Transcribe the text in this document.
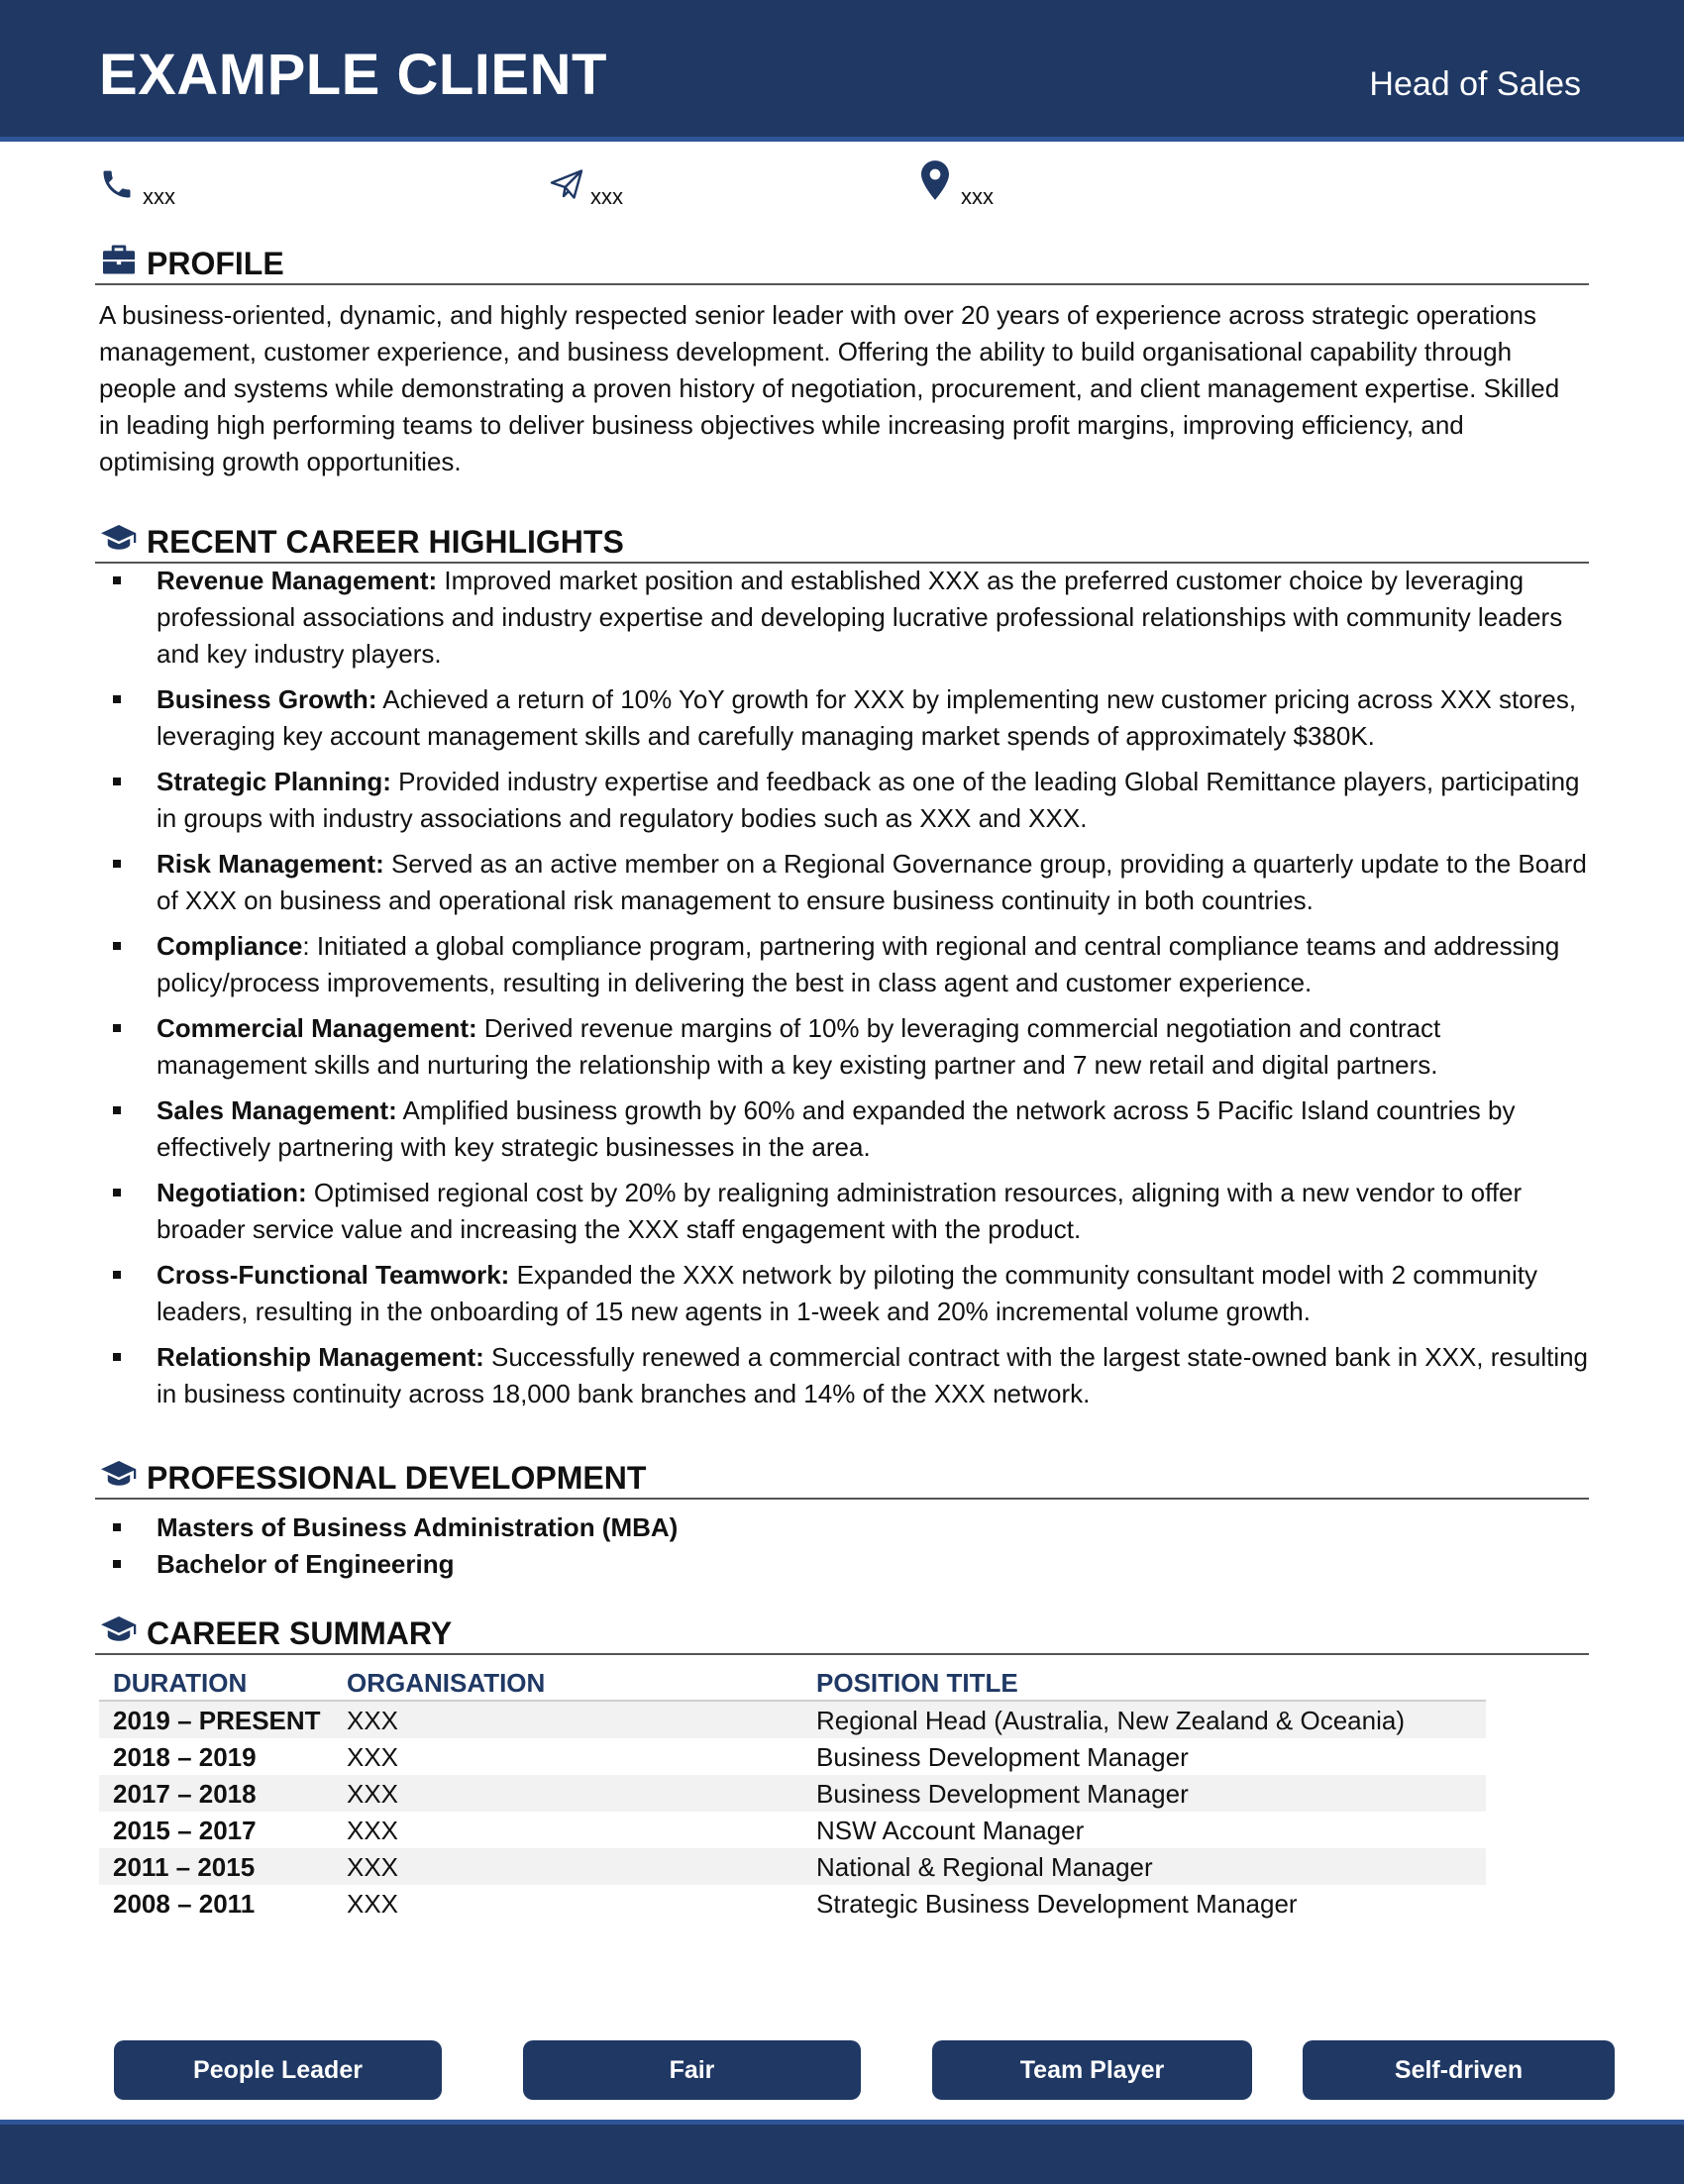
EXAMPLE CLIENT	Head of Sales
xxx	xxx	xxx
PROFILE

A business-oriented, dynamic, and highly respected senior leader with over 20 years of experience across strategic operations management, customer experience, and business development. Offering the ability to build organisational capability through people and systems while demonstrating a proven history of negotiation, procurement, and client management expertise. Skilled in leading high performing teams to deliver business objectives while increasing profit margins, improving efficiency, and optimising growth opportunities.

RECENT CAREER HIGHLIGHTS
Revenue Management: Improved market position and established XXX as the preferred customer choice by leveraging professional associations and industry expertise and developing lucrative professional relationships with community leaders and key industry players.
Business Growth: Achieved a return of 10% YoY growth for XXX by implementing new customer pricing across XXX stores, leveraging key account management skills and carefully managing market spends of approximately $380K.
Strategic Planning: Provided industry expertise and feedback as one of the leading Global Remittance players, participating in groups with industry associations and regulatory bodies such as XXX and XXX.
Risk Management: Served as an active member on a Regional Governance group, providing a quarterly update to the Board of XXX on business and operational risk management to ensure business continuity in both countries.
Compliance: Initiated a global compliance program, partnering with regional and central compliance teams and addressing policy/process improvements, resulting in delivering the best in class agent and customer experience.
Commercial Management: Derived revenue margins of 10% by leveraging commercial negotiation and contract management skills and nurturing the relationship with a key existing partner and 7 new retail and digital partners.
Sales Management: Amplified business growth by 60% and expanded the network across 5 Pacific Island countries by effectively partnering with key strategic businesses in the area.
Negotiation: Optimised regional cost by 20% by realigning administration resources, aligning with a new vendor to offer broader service value and increasing the XXX staff engagement with the product.
Cross-Functional Teamwork: Expanded the XXX network by piloting the community consultant model with 2 community leaders, resulting in the onboarding of 15 new agents in 1-week and 20% incremental volume growth.
Relationship Management: Successfully renewed a commercial contract with the largest state-owned bank in XXX, resulting in business continuity across 18,000 bank branches and 14% of the XXX network.
PROFESSIONAL DEVELOPMENT
Masters of Business Administration (MBA)
Bachelor of Engineering
CAREER SUMMARY
DURATION	ORGANISATION	POSITION TITLE
2019 – PRESENT XXX	Regional Head (Australia, New Zealand & Oceania)
2018 – 2019	XXX	Business Development Manager
2017 – 2018	XXX	Business Development Manager
2015 – 2017	XXX	NSW Account Manager
2011 – 2015	XXX	National & Regional Manager
2008 – 2011	XXX	Strategic Business Development Manager
People Leader	Fair	Team Player	Self-driven
